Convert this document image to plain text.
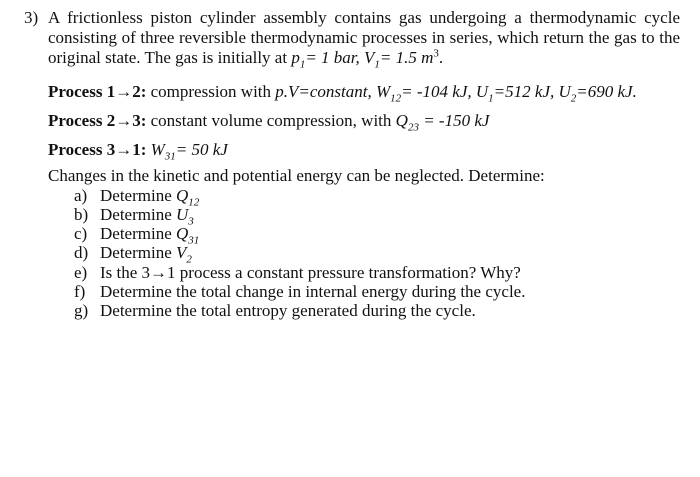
3) A frictionless piston cylinder assembly contains gas undergoing a thermodynamic cycle
consisting of three reversible thermodynamic processes in series, which return the gas to the
original state. The gas is initially at $p_1= 1$ bar, $V_1= 1.5$ $m^3$.
Process 1→2: compression with p.V=constant, $W_{12}= -104$ kJ, $U_1=512$ kJ, $U_2=690$ kJ.
Process 2→3: constant volume compression, with $Q_{23} = -150$ kJ
Process 3→1: $W_{31}= 50$ kJ
Changes in the kinetic and potential energy can be neglected. Determine:
a) Determine $Q_{12}$
b) Determine $U_3$
c) Determine $Q_{31}$
d) Determine $V_2$
e) Is the 3→1 process a constant pressure transformation? Why?
f) Determine the total change in internal energy during the cycle.
g) Determine the total entropy generated during the cycle.
